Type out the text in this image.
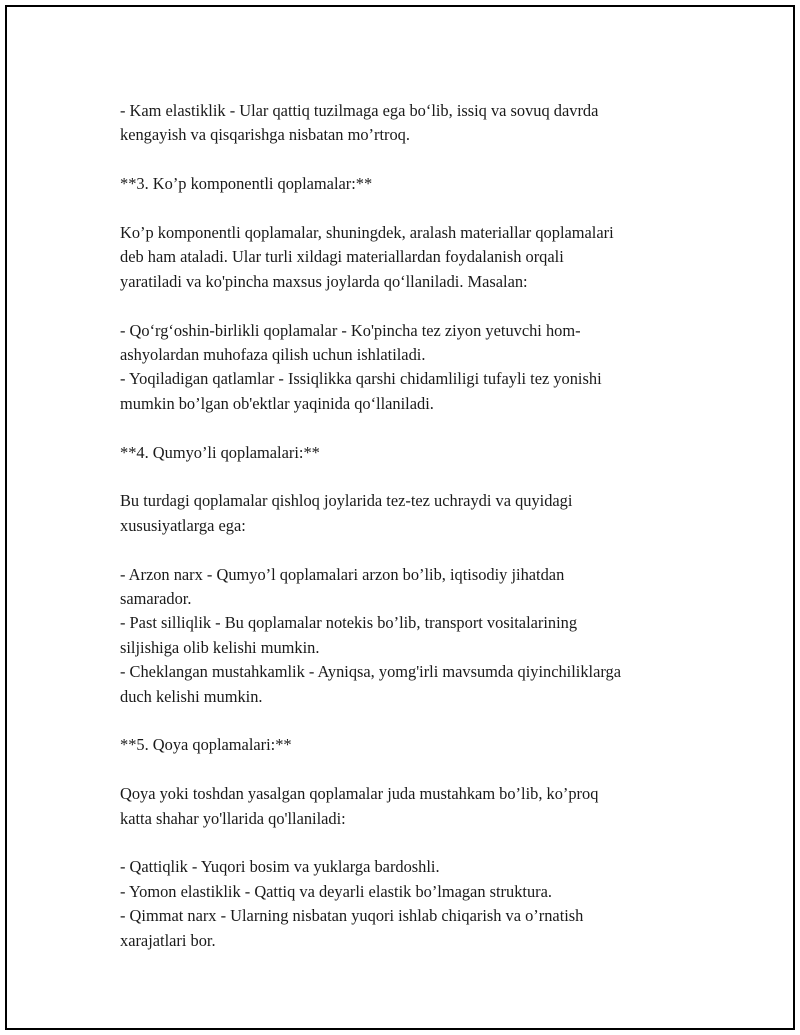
- Kam elastiklik - Ular qattiq tuzilmaga ega bo‘lib, issiq va sovuq davrda
kengayish va qisqarishga nisbatan mo’rtroq.

**3. Ko’p komponentli qoplamalar:**

Ko’p komponentli qoplamalar, shuningdek, aralash materiallar qoplamalari
deb ham ataladi. Ular turli xildagi materiallardan foydalanish orqali
yaratiladi va ko'pincha maxsus joylarda qo‘llaniladi. Masalan:

- Qo‘rg‘oshin-birlikli qoplamalar - Ko'pincha tez ziyon yetuvchi hom-
ashyolardan muhofaza qilish uchun ishlatiladi.
- Yoqiladigan qatlamlar - Issiqlikka qarshi chidamliligi tufayli tez yonishi
mumkin bo’lgan ob'ektlar yaqinida qo‘llaniladi.

**4. Qumyo’li qoplamalari:**

Bu turdagi qoplamalar qishloq joylarida tez-tez uchraydi va quyidagi
xususiyatlarga ega:

- Arzon narx - Qumyo’l qoplamalari arzon bo’lib, iqtisodiy jihatdan
samarador.
- Past silliqlik - Bu qoplamalar notekis bo’lib, transport vositalarining
siljishiga olib kelishi mumkin.
- Cheklangan mustahkamlik - Ayniqsa, yomg'irli mavsumda qiyinchiliklarga
duch kelishi mumkin.

**5. Qoya qoplamalari:**

Qoya yoki toshdan yasalgan qoplamalar juda mustahkam bo’lib, ko’proq
katta shahar yo'llarida qo'llaniladi:

- Qattiqlik - Yuqori bosim va yuklarga bardoshli.
- Yomon elastiklik - Qattiq va deyarli elastik bo’lmagan struktura.
- Qimmat narx - Ularning nisbatan yuqori ishlab chiqarish va o’rnatish
xarajatlari bor.
